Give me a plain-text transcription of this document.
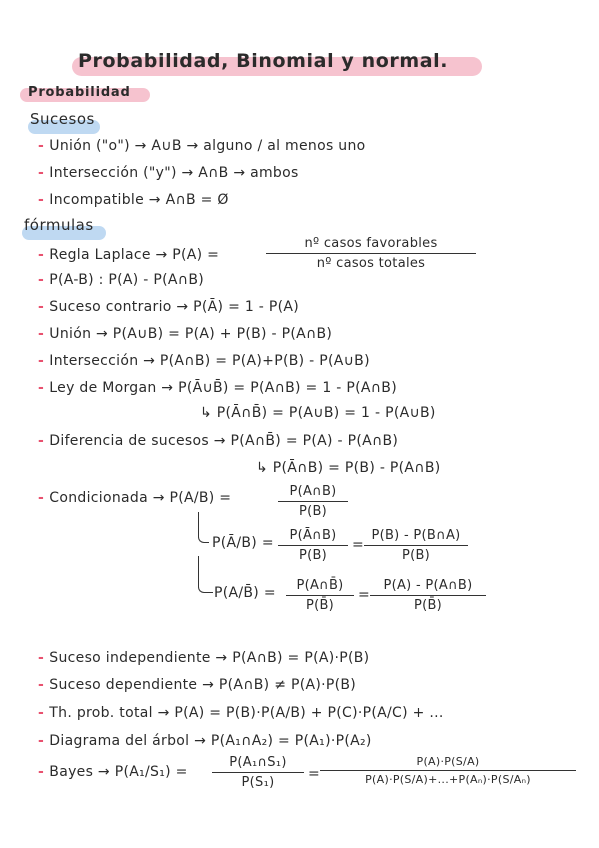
Probabilidad, Binomial y normal.
Probabilidad
Sucesos
- Unión ("o") → A∪B → alguno / al menos uno
- Intersección ("y") → A∩B → ambos
- Incompatible → A∩B = Ø
fórmulas
- Regla Laplace → P(A) =
nº casos favorables
nº casos totales
- P(A-B) : P(A) - P(A∩B)
- Suceso contrario → P(Ā) = 1 - P(A)
- Unión → P(A∪B) = P(A) + P(B) - P(A∩B)
- Intersección → P(A∩B) = P(A)+P(B) - P(A∪B)
- Ley de Morgan → P(Ā∪B̄) = P(A∩B) = 1 - P(A∩B)
↳ P(Ā∩B̄) = P(A∪B) = 1 - P(A∪B)
- Diferencia de sucesos → P(A∩B̄) = P(A) - P(A∩B)
↳ P(Ā∩B) = P(B) - P(A∩B)
- Condicionada → P(A/B) =	$\frac{P(A\cap B)}{P(B)}$
P(Ā/B) = $\frac{P(Ā\cap B)}{P(B)} = \frac{P(B) - P(B\cap A)}{P(B)}$
P(A/B̄) = $\frac{P(A\cap B̄)}{P(B̄)} = \frac{P(A) - P(A\cap B)}{P(B̄)}$
- Suceso independiente → P(A∩B) = P(A)·P(B)
- Suceso dependiente → P(A∩B) ≠ P(A)·P(B)
- Th. prob. total → P(A) = P(B)·P(A/B) + P(C)·P(A/C) + ...
- Diagrama del árbol → P(A₁∩A₂) = P(A₁)·P(A₂)
- Bayes → $P(A_1/S_1) = \frac{\text{P(A₁∩S₁)}}{\text{P(S₁)}} = \frac{P(A)\cdot P(S/A)}{\text{P(A)·P(S/A)+...+P(Aₙ)·P(S/Aₙ)}}$
